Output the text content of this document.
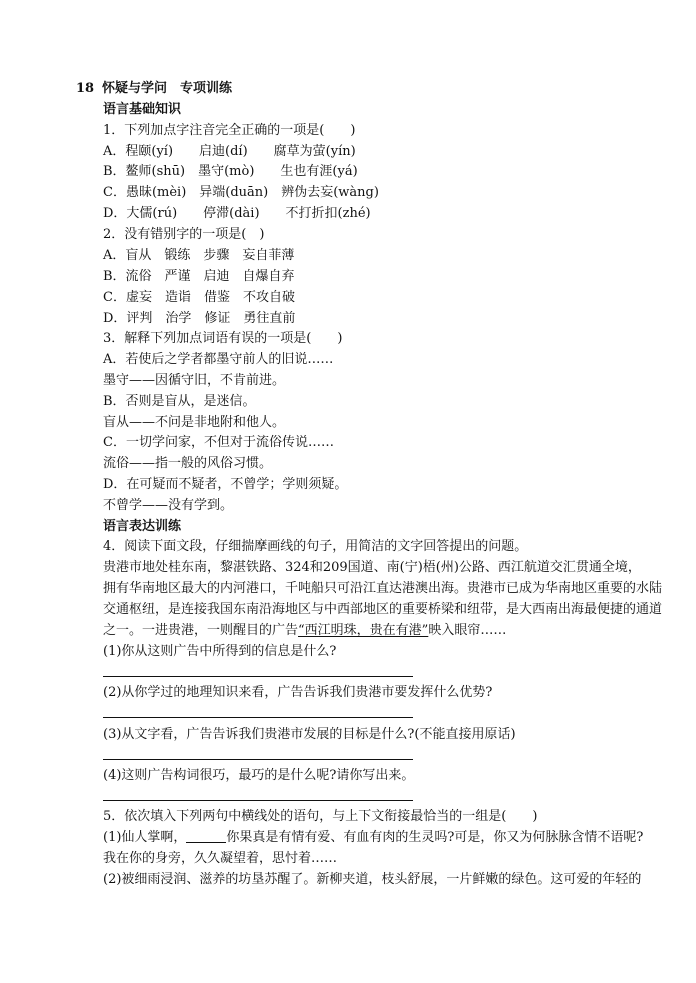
18 怀疑与学问　专项训练
语言基础知识
1．下列加点字注音完全正确的一项是(　　)
A．程颐(yí)　　启迪(dí)　　腐草为萤(yín)
B．鳌师(shū)　墨守(mò)　　生也有涯(yá)
C．愚昧(mèi)　异端(duān)　辨伪去妄(wàng)
D．大儒(rú)　　停滞(dài)　　不打折扣(zhé)
2．没有错别字的一项是(　)
A．盲从　锻练　步骤　妄自菲薄
B．流俗　严谨　启迪　自爆自弃
C．虚妄　造诣　借鉴　不攻自破
D．评判　治学　修证　勇往直前
3．解释下列加点词语有误的一项是(　　)
A．若使后之学者都墨守前人的旧说……
墨守——因循守旧，不肯前进。
B．否则是盲从，是迷信。
盲从——不问是非地附和他人。
C．一切学问家，不但对于流俗传说……
流俗——指一般的风俗习惯。
D．在可疑而不疑者，不曾学；学则须疑。
不曾学——没有学到。
语言表达训练
4．阅读下面文段，仔细揣摩画线的句子，用简洁的文字回答提出的问题。
贵港市地处桂东南，黎湛铁路、324和209国道、南(宁)梧(州)公路、西江航道交汇贯通全境，
拥有华南地区最大的内河港口，千吨船只可沿江直达港澳出海。贵港市已成为华南地区重要的水陆
交通枢纽，是连接我国东南沿海地区与中西部地区的重要桥梁和纽带，是大西南出海最便捷的通道
之一。一进贵港，一则醒目的广告“西江明珠，贵在有港”映入眼帘……
(1)你从这则广告中所得到的信息是什么?
(2)从你学过的地理知识来看，广告告诉我们贵港市要发挥什么优势?
(3)从文字看，广告告诉我们贵港市发展的目标是什么?(不能直接用原话)
(4)这则广告构词很巧，最巧的是什么呢?请你写出来。
5．依次填入下列两句中横线处的语句，与上下文衔接最恰当的一组是(　　)
(1)仙人掌啊，	你果真是有情有爱、有血有肉的生灵吗?可是，你又为何脉脉含情不语呢?
我在你的身旁，久久凝望着，思忖着……
(2)被细雨浸润、滋养的坊垦苏醒了。新柳夹道，枝头舒展，一片鲜嫩的绿色。这可爱的年轻的
